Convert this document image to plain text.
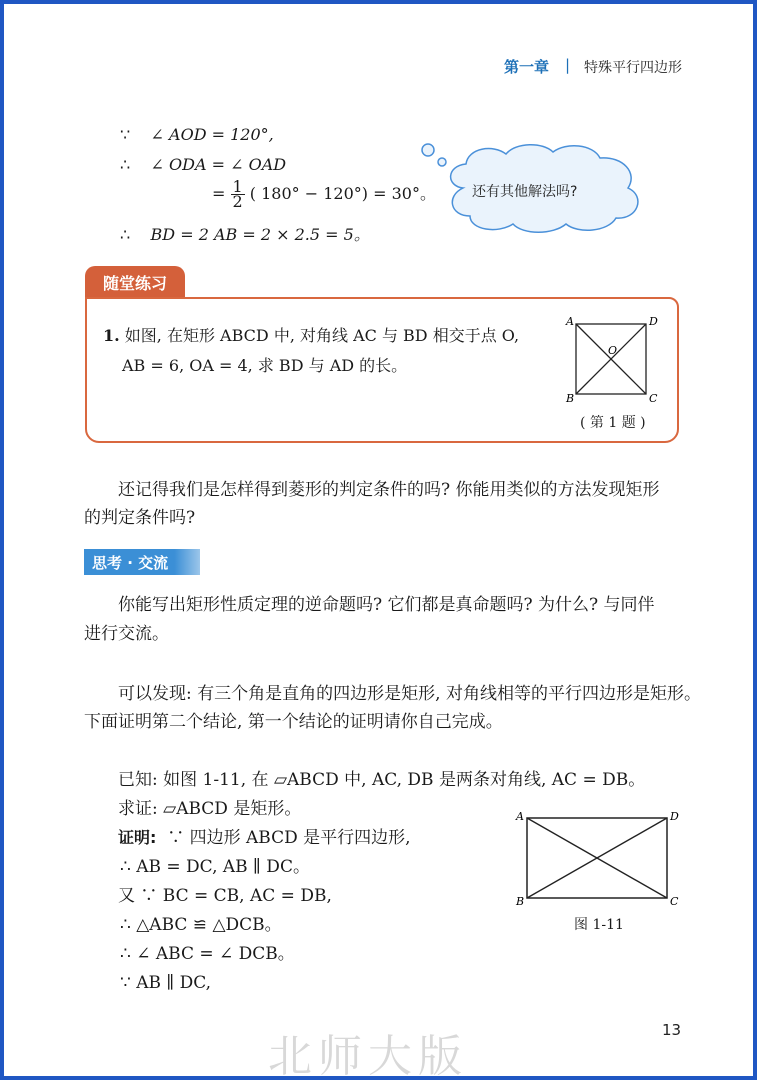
第一章 | 特殊平行四边形
∵ ∠ AOD = 120°,
∴ ∠ ODA = ∠ OAD
= $\frac{1}{2}$ ( 180° − 120°) = 30°。
∴ BD = 2 AB = 2 × 2.5 = 5。
还有其他解法吗?
随堂练习
1. 如图, 在矩形 ABCD 中, 对角线 AC 与 BD 相交于点 O,
AB = 6, OA = 4, 求 BD 与 AD 的长。
A	D
B	C
O
( 第 1 题 )
还记得我们是怎样得到菱形的判定条件的吗? 你能用类似的方法发现矩形
的判定条件吗?
思考 · 交流
你能写出矩形性质定理的逆命题吗? 它们都是真命题吗? 为什么? 与同伴
进行交流。
可以发现: 有三个角是直角的四边形是矩形, 对角线相等的平行四边形是矩形。
下面证明第二个结论, 第一个结论的证明请你自己完成。
已知: 如图 1-11, 在 ▱ABCD 中, AC, DB 是两条对角线, AC = DB。
求证: ▱ABCD 是矩形。
证明: ∵ 四边形 ABCD 是平行四边形,
∴ AB = DC, AB ∥ DC。
又 ∵ BC = CB, AC = DB,
∴ △ABC ≌ △DCB。
∴ ∠ ABC = ∠ DCB。
∵ AB ∥ DC,
A	D
B	C
图 1-11
13
北师大版
